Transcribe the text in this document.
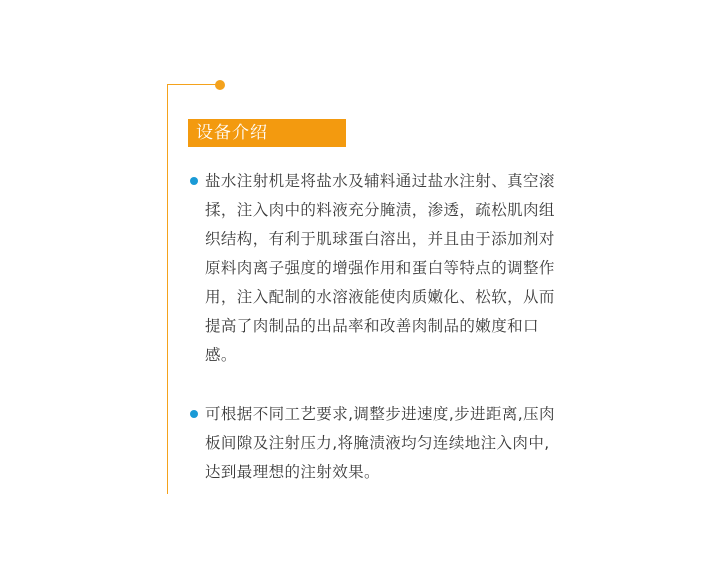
设备介绍

盐水注射机是将盐水及辅料通过盐水注射、真空滚揉，注入肉中的料液充分腌渍，渗透，疏松肌肉组织结构，有利于肌球蛋白溶出，并且由于添加剂对原料肉离子强度的增强作用和蛋白等特点的调整作用，注入配制的水溶液能使肉质嫩化、松软，从而提高了肉制品的出品率和改善肉制品的嫩度和口感。

可根据不同工艺要求,调整步进速度,步进距离,压肉板间隙及注射压力,将腌渍液均匀连续地注入肉中,达到最理想的注射效果。
